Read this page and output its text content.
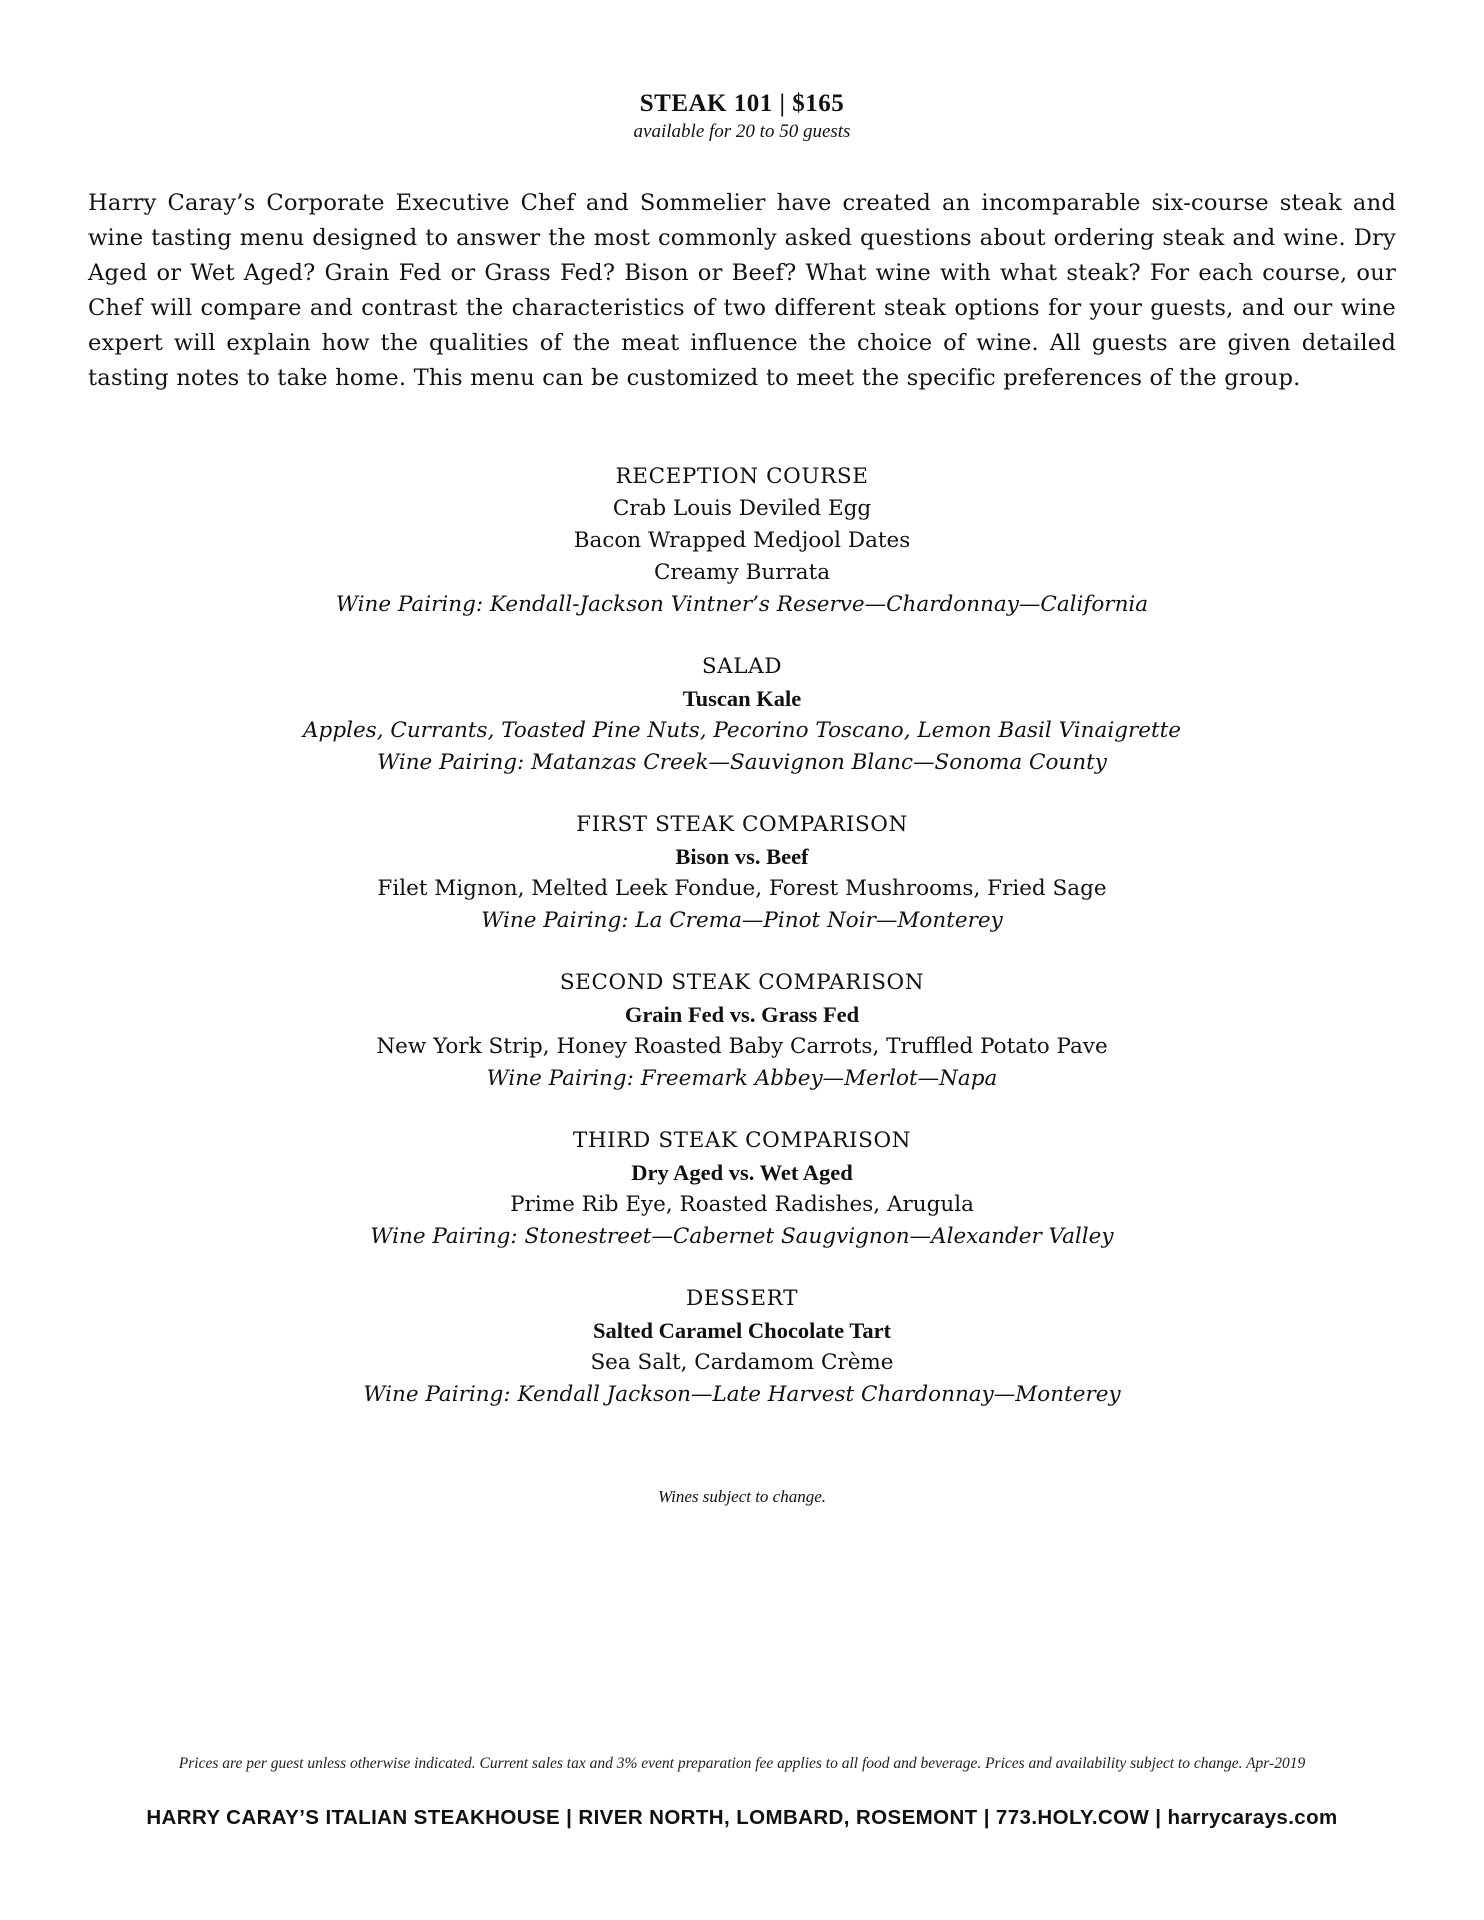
STEAK 101 | $165
available for 20 to 50 guests
Harry Caray’s Corporate Executive Chef and Sommelier have created an incomparable six-course steak and wine tasting menu designed to answer the most commonly asked questions about ordering steak and wine. Dry Aged or Wet Aged? Grain Fed or Grass Fed? Bison or Beef? What wine with what steak? For each course, our Chef will compare and contrast the characteristics of two different steak options for your guests, and our wine expert will explain how the qualities of the meat influence the choice of wine. All guests are given detailed tasting notes to take home. This menu can be customized to meet the specific preferences of the group.
RECEPTION COURSE
Crab Louis Deviled Egg
Bacon Wrapped Medjool Dates
Creamy Burrata
Wine Pairing: Kendall-Jackson Vintner’s Reserve—Chardonnay—California
SALAD
Tuscan Kale
Apples, Currants, Toasted Pine Nuts, Pecorino Toscano, Lemon Basil Vinaigrette
Wine Pairing: Matanzas Creek—Sauvignon Blanc—Sonoma County
FIRST STEAK COMPARISON
Bison vs. Beef
Filet Mignon, Melted Leek Fondue, Forest Mushrooms, Fried Sage
Wine Pairing: La Crema—Pinot Noir—Monterey
SECOND STEAK COMPARISON
Grain Fed vs. Grass Fed
New York Strip, Honey Roasted Baby Carrots, Truffled Potato Pave
Wine Pairing: Freemark Abbey—Merlot—Napa
THIRD STEAK COMPARISON
Dry Aged vs. Wet Aged
Prime Rib Eye, Roasted Radishes, Arugula
Wine Pairing: Stonestreet—Cabernet Saugvignon—Alexander Valley
DESSERT
Salted Caramel Chocolate Tart
Sea Salt, Cardamom Crème
Wine Pairing: Kendall Jackson—Late Harvest Chardonnay—Monterey
Wines subject to change.
Prices are per guest unless otherwise indicated. Current sales tax and 3% event preparation fee applies to all food and beverage. Prices and availability subject to change. Apr-2019
HARRY CARAY’S ITALIAN STEAKHOUSE | RIVER NORTH, LOMBARD, ROSEMONT | 773.HOLY.COW | harrycarays.com
